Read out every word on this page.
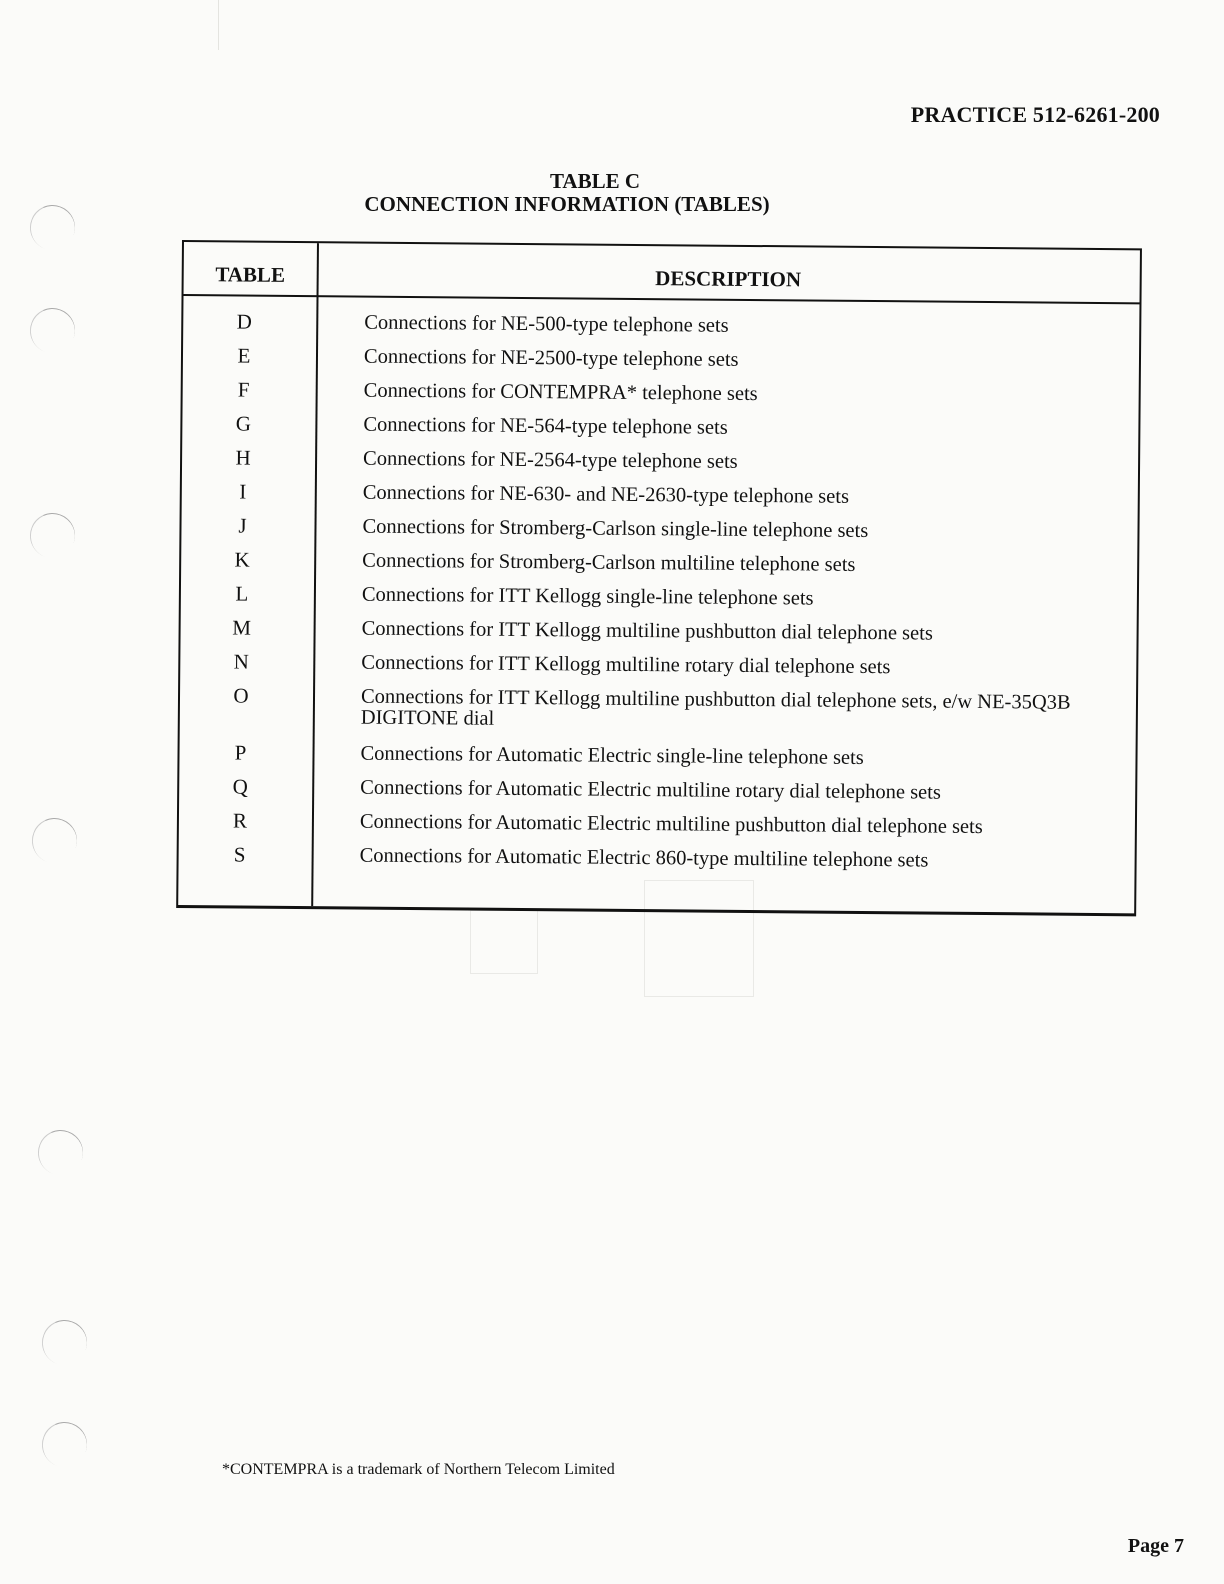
PRACTICE 512-6261-200
TABLE C
CONNECTION INFORMATION (TABLES)
TABLE	DESCRIPTION
D	Connections for NE-500-type telephone sets
E	Connections for NE-2500-type telephone sets
F	Connections for CONTEMPRA* telephone sets
G	Connections for NE-564-type telephone sets
H	Connections for NE-2564-type telephone sets
I	Connections for NE-630- and NE-2630-type telephone sets
J	Connections for Stromberg-Carlson single-line telephone sets
K	Connections for Stromberg-Carlson multiline telephone sets
L	Connections for ITT Kellogg single-line telephone sets
M	Connections for ITT Kellogg multiline pushbutton dial telephone sets
N	Connections for ITT Kellogg multiline rotary dial telephone sets
O	Connections for ITT Kellogg multiline pushbutton dial telephone sets, e/w NE-35Q3B DIGITONE dial
P	Connections for Automatic Electric single-line telephone sets
Q	Connections for Automatic Electric multiline rotary dial telephone sets
R	Connections for Automatic Electric multiline pushbutton dial telephone sets
S	Connections for Automatic Electric 860-type multiline telephone sets
*CONTEMPRA is a trademark of Northern Telecom Limited
Page 7
